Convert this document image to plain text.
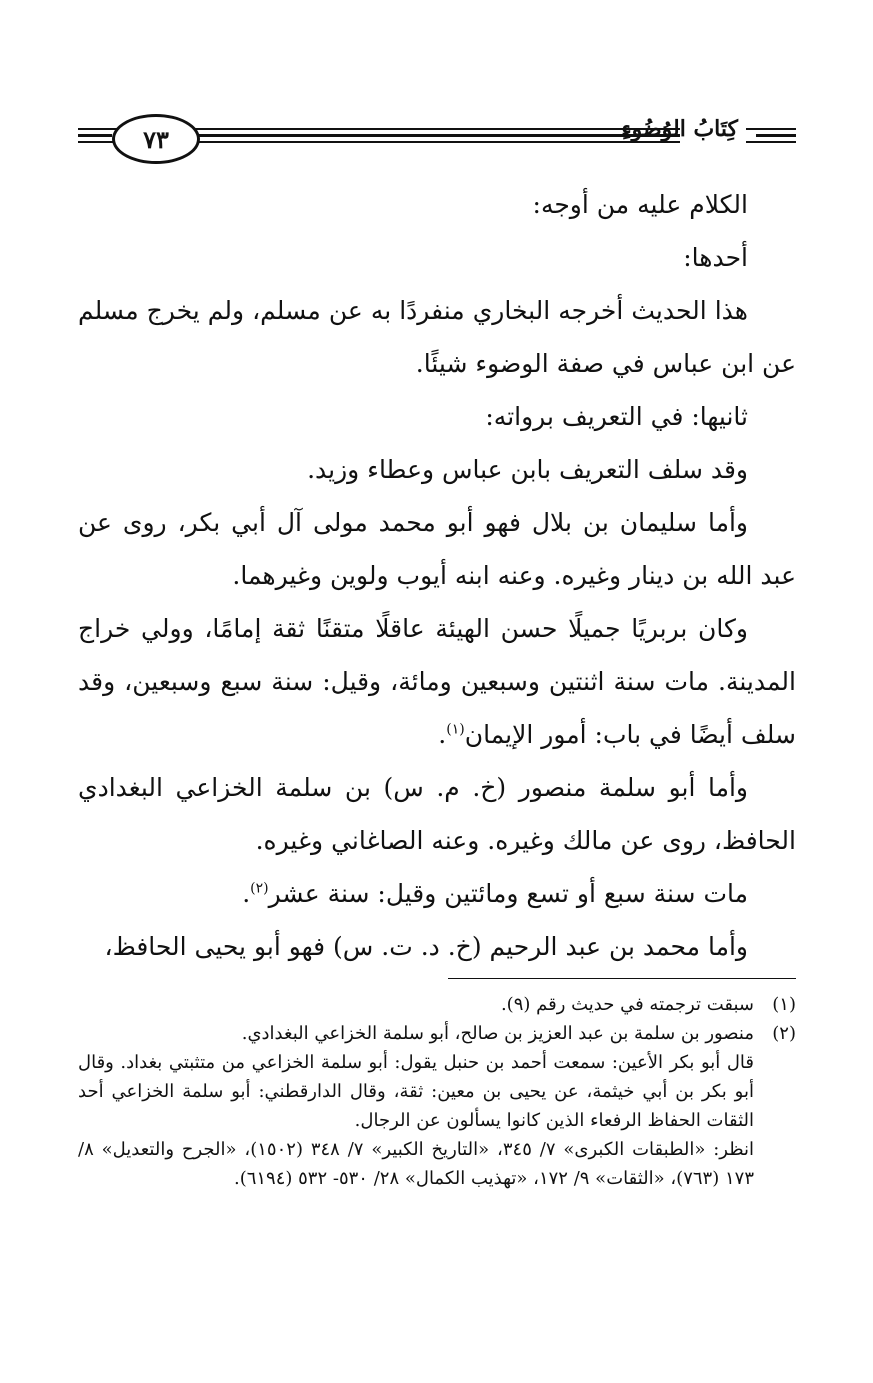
٧٣	كِتَابُ الوُضُوءِ

الكلام عليه من أوجه:

أحدها:

هذا الحديث أخرجه البخاري منفردًا به عن مسلم، ولم يخرج مسلم عن ابن عباس في صفة الوضوء شيئًا.

ثانيها: في التعريف برواته:

وقد سلف التعريف بابن عباس وعطاء وزيد.

وأما سليمان بن بلال فهو أبو محمد مولى آل أبي بكر، روى عن عبد الله بن دينار وغيره. وعنه ابنه أيوب ولوين وغيرهما.

وكان بربريًا جميلًا حسن الهيئة عاقلًا متقنًا ثقة إمامًا، وولي خراج المدينة. مات سنة اثنتين وسبعين ومائة، وقيل: سنة سبع وسبعين، وقد سلف أيضًا في باب: أمور الإيمان$^{(١)}$.

وأما أبو سلمة منصور (خ. م. س) بن سلمة الخزاعي البغدادي الحافظ، روى عن مالك وغيره. وعنه الصاغاني وغيره.

مات سنة سبع أو تسع ومائتين وقيل: سنة عشر$^{(٢)}$.

وأما محمد بن عبد الرحيم (خ. د. ت. س) فهو أبو يحيى الحافظ،

(١)
سبقت ترجمته في حديث رقم (٩).
(٢)
منصور بن سلمة بن عبد العزيز بن صالح، أبو سلمة الخزاعي البغدادي.
قال أبو بكر الأعين: سمعت أحمد بن حنبل يقول: أبو سلمة الخزاعي من متثبتي بغداد. وقال أبو بكر بن أبي خيثمة، عن يحيى بن معين: ثقة، وقال الدارقطني: أبو سلمة الخزاعي أحد الثقات الحفاظ الرفعاء الذين كانوا يسألون عن الرجال.
انظر: «الطبقات الكبرى» ٧/ ٣٤٥، «التاريخ الكبير» ٧/ ٣٤٨ (١٥٠٢)، «الجرح والتعديل» ٨/ ١٧٣ (٧٦٣)، «الثقات» ٩/ ١٧٢، «تهذيب الكمال» ٢٨/ ٥٣٠- ٥٣٢ (٦١٩٤).
